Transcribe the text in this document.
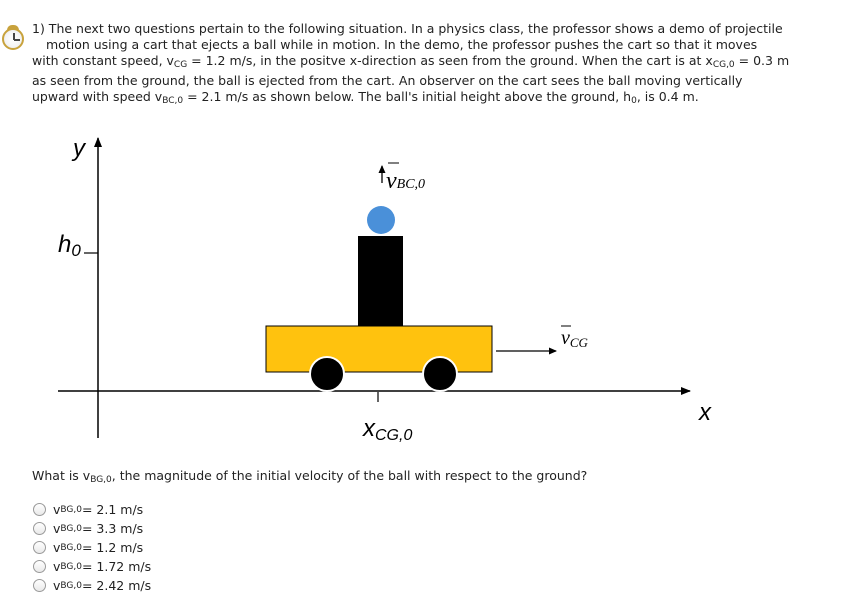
1) The next two questions pertain to the following situation. In a physics class, the professor shows a demo of projectile
motion using a cart that ejects a ball while in motion. In the demo, the professor pushes the cart so that it moves
with constant speed, $v_{CG} = 1.2$ m/s, in the positve x-direction as seen from the ground. When the cart is at $x_{CG,0} = 0.3$ m
as seen from the ground, the ball is ejected from the cart. An observer on the cart sees the ball moving vertically
upward with speed $v_{BC,0} = 2.1$ m/s as shown below. The ball's initial height above the ground, $h_0$, is 0.4 m.
y
x
h0
vBC,0
vCG
xCG,0
What is $v_{BG,0}$, the magnitude of the initial velocity of the ball with respect to the ground?
v BG,0 = 2.1 m/s
v BG,0 = 3.3 m/s
v BG,0 = 1.2 m/s
v BG,0 = 1.72 m/s
v BG,0 = 2.42 m/s
